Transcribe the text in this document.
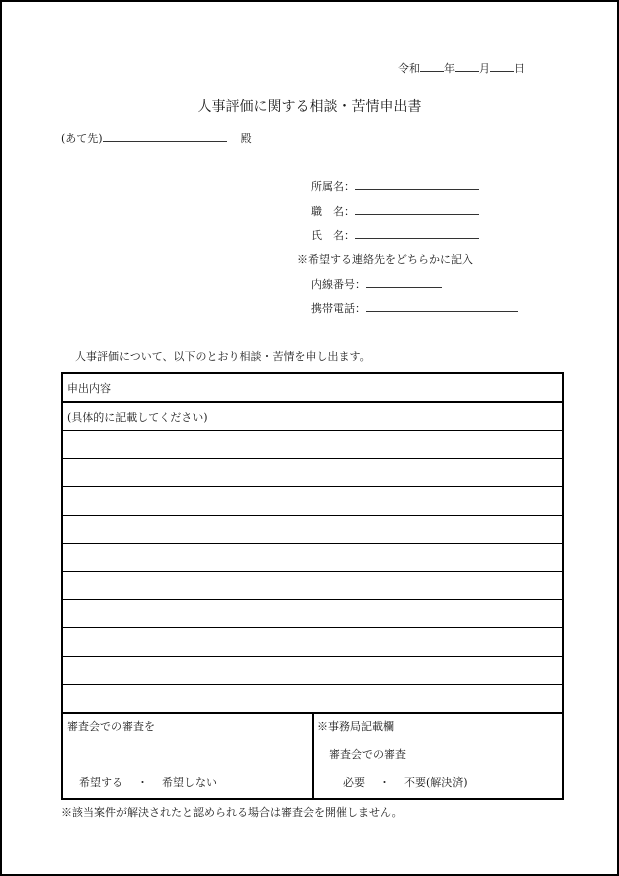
令和 年 月 日
人事評価に関する相談・苦情申出書
(あて先)	殿
所属名：
職　名：
氏　名：
※希望する連絡先をどちらかに記入
内線番号：
携帯電話：
人事評価について、以下のとおり相談・苦情を申し出ます。
申出内容
(具体的に記載してください)
審査会での審査を
希望する ・ 希望しない
※事務局記載欄
審査会での審査
必要 ・ 不要(解決済)
※該当案件が解決されたと認められる場合は審査会を開催しません。
